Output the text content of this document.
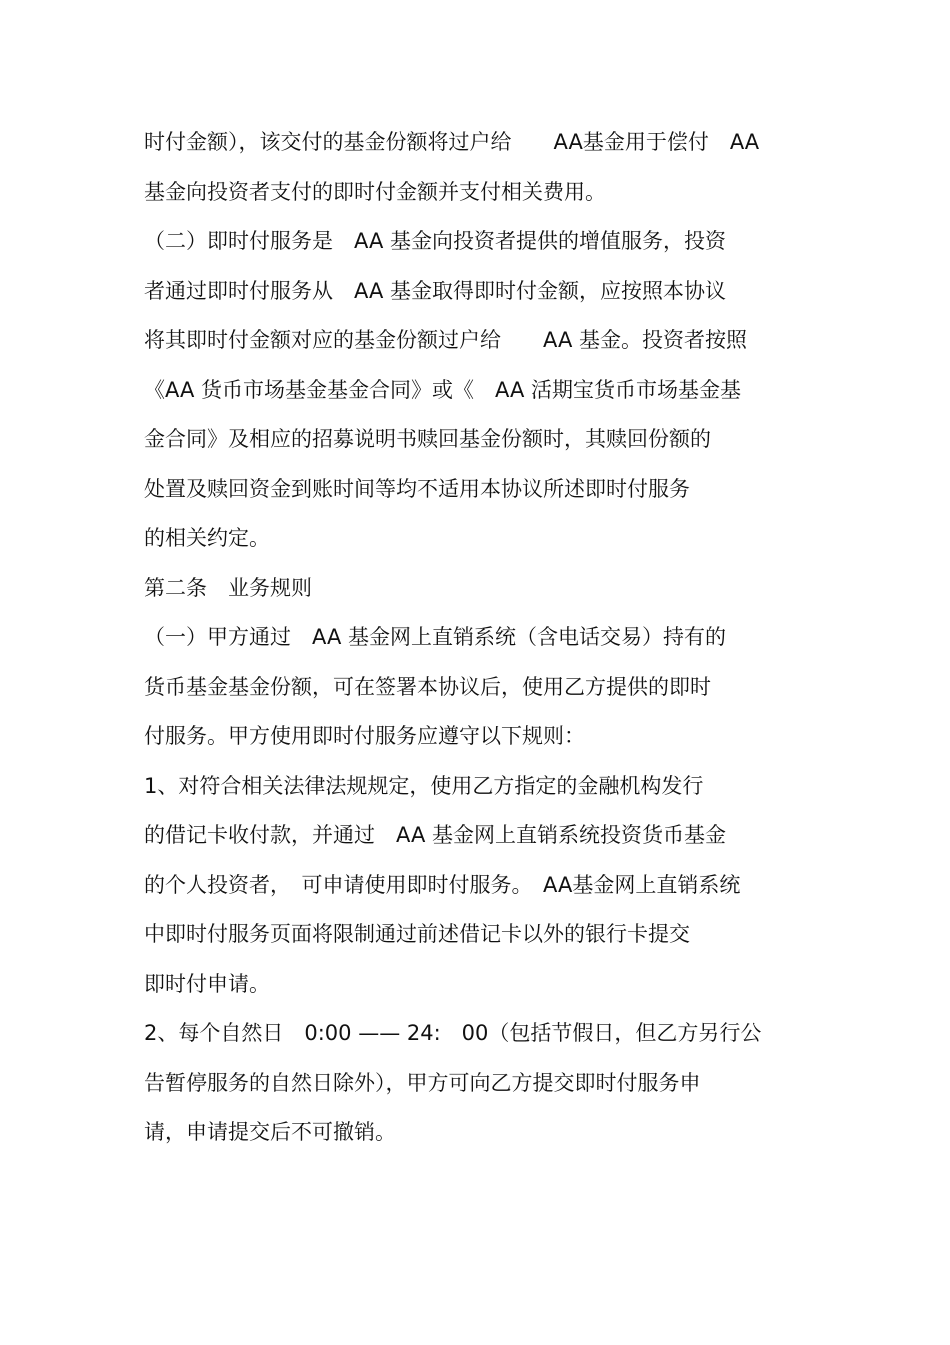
时付金额），该交付的基金份额将过户给　　AA基金用于偿付　AA
基金向投资者支付的即时付金额并支付相关费用。
（二）即时付服务是　AA 基金向投资者提供的增值服务，投资
者通过即时付服务从　AA 基金取得即时付金额，应按照本协议
将其即时付金额对应的基金份额过户给　　AA 基金。投资者按照
《AA 货币市场基金基金合同》或《　AA 活期宝货币市场基金基
金合同》及相应的招募说明书赎回基金份额时，其赎回份额的
处置及赎回资金到账时间等均不适用本协议所述即时付服务
的相关约定。
第二条　业务规则
（一）甲方通过　AA 基金网上直销系统（含电话交易）持有的
货币基金基金份额，可在签署本协议后，使用乙方提供的即时
付服务。甲方使用即时付服务应遵守以下规则：
1、对符合相关法律法规规定，使用乙方指定的金融机构发行
的借记卡收付款，并通过　AA 基金网上直销系统投资货币基金
的个人投资者，　可申请使用即时付服务。　AA基金网上直销系统
中即时付服务页面将限制通过前述借记卡以外的银行卡提交
即时付申请。
2、每个自然日　0:00 —— 24:　00（包括节假日，但乙方另行公
告暂停服务的自然日除外），甲方可向乙方提交即时付服务申
请，申请提交后不可撤销。
